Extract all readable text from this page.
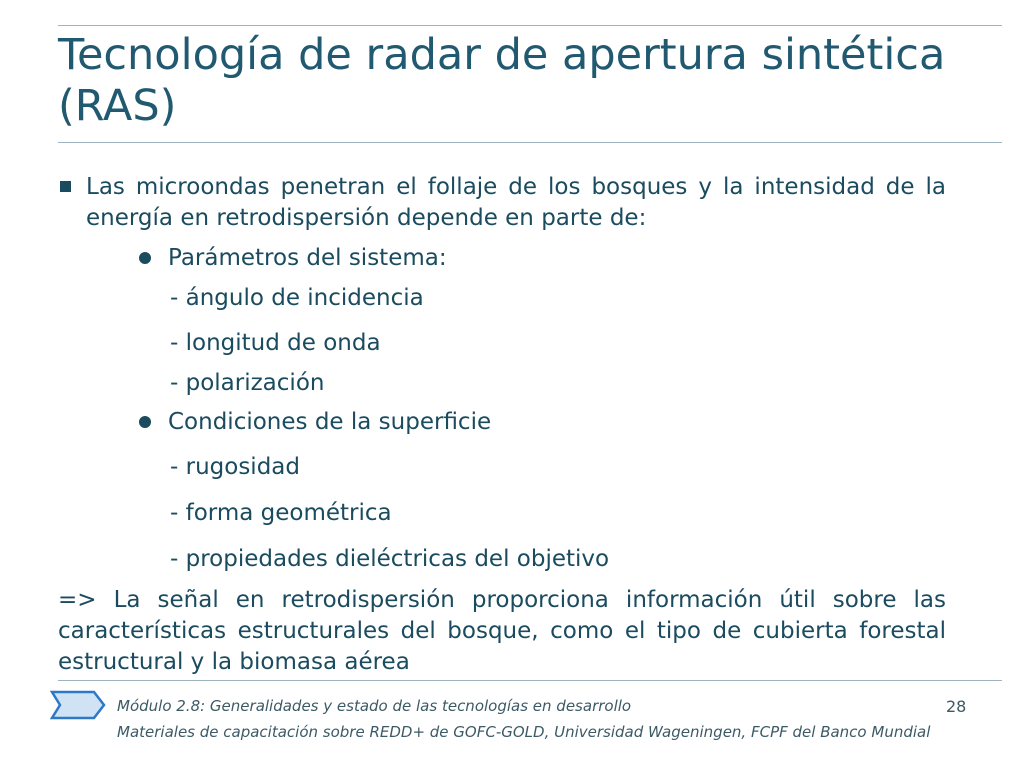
Tecnología de radar de apertura sintética (RAS)
Las microondas penetran el follaje de los bosques y la intensidad de la energía en retrodispersión depende en parte de:
Parámetros del sistema:
- ángulo de incidencia
- longitud de onda
- polarización
Condiciones de la superficie
- rugosidad
- forma geométrica
- propiedades dieléctricas del objetivo
=> La señal en retrodispersión proporciona información útil sobre las características estructurales del bosque, como el tipo de cubierta forestal estructural y la biomasa aérea
Módulo 2.8: Generalidades y estado de las tecnologías en desarrollo
Materiales de capacitación sobre REDD+ de GOFC-GOLD, Universidad Wageningen, FCPF del Banco Mundial
28
